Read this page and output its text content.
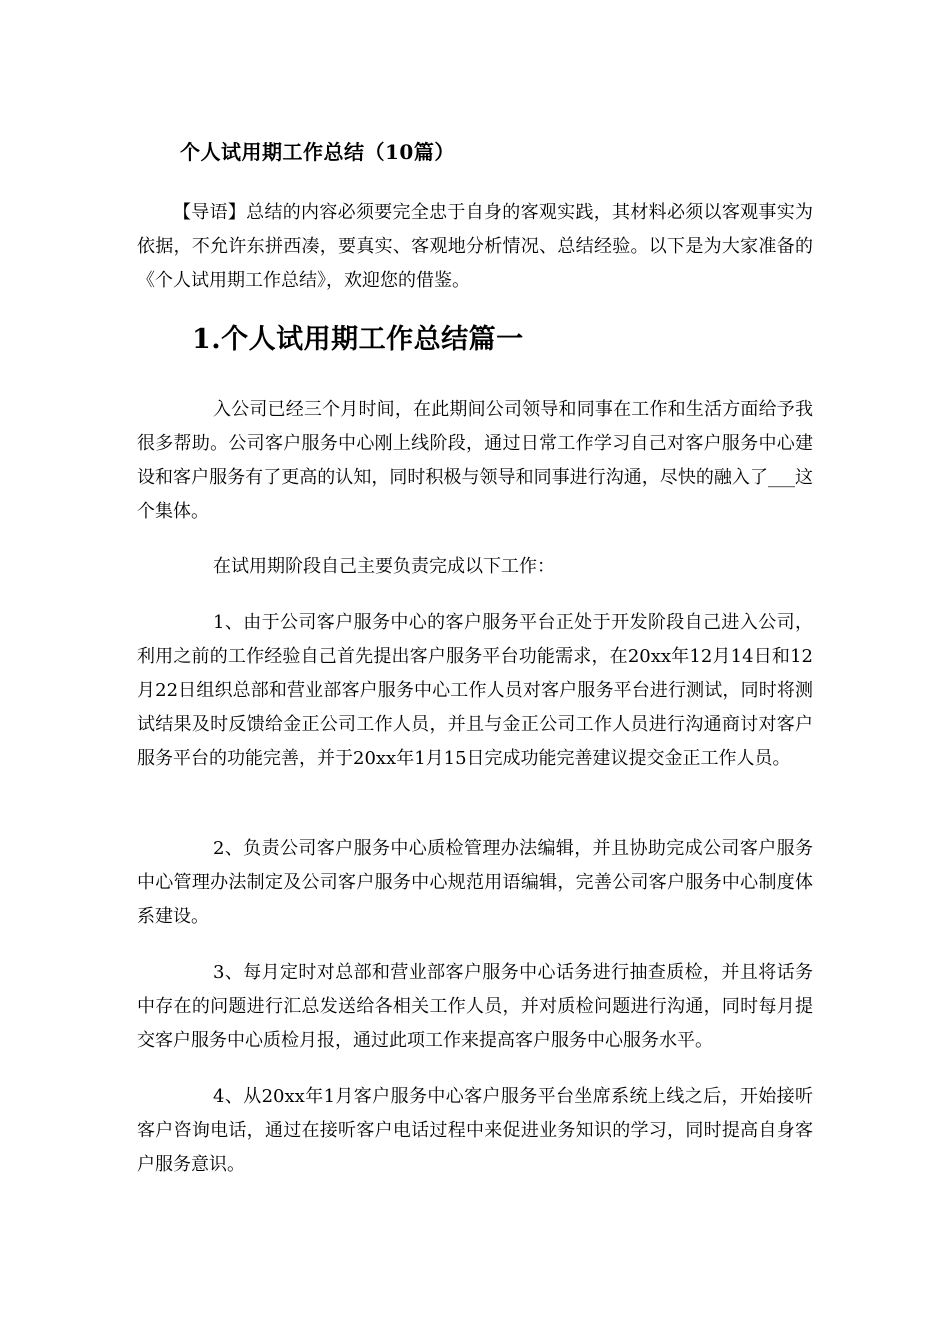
个人试用期工作总结（10篇）

【导语】总结的内容必须要完全忠于自身的客观实践，其材料必须以客观事实为依据，不允许东拼西凑，要真实、客观地分析情况、总结经验。以下是为大家准备的《个人试用期工作总结》，欢迎您的借鉴。

1.个人试用期工作总结篇一

入公司已经三个月时间，在此期间公司领导和同事在工作和生活方面给予我很多帮助。公司客户服务中心刚上线阶段，通过日常工作学习自己对客户服务中心建设和客户服务有了更高的认知，同时积极与领导和同事进行沟通，尽快的融入了___这个集体。

在试用期阶段自己主要负责完成以下工作：

1、由于公司客户服务中心的客户服务平台正处于开发阶段自己进入公司，利用之前的工作经验自己首先提出客户服务平台功能需求，在20xx年12月14日和12月22日组织总部和营业部客户服务中心工作人员对客户服务平台进行测试，同时将测试结果及时反馈给金正公司工作人员，并且与金正公司工作人员进行沟通商讨对客户服务平台的功能完善，并于20xx年1月15日完成功能完善建议提交金正工作人员。

2、负责公司客户服务中心质检管理办法编辑，并且协助完成公司客户服务中心管理办法制定及公司客户服务中心规范用语编辑，完善公司客户服务中心制度体系建设。

3、每月定时对总部和营业部客户服务中心话务进行抽查质检，并且将话务中存在的问题进行汇总发送给各相关工作人员，并对质检问题进行沟通，同时每月提交客户服务中心质检月报，通过此项工作来提高客户服务中心服务水平。

4、从20xx年1月客户服务中心客户服务平台坐席系统上线之后，开始接听客户咨询电话，通过在接听客户电话过程中来促进业务知识的学习，同时提高自身客户服务意识。
